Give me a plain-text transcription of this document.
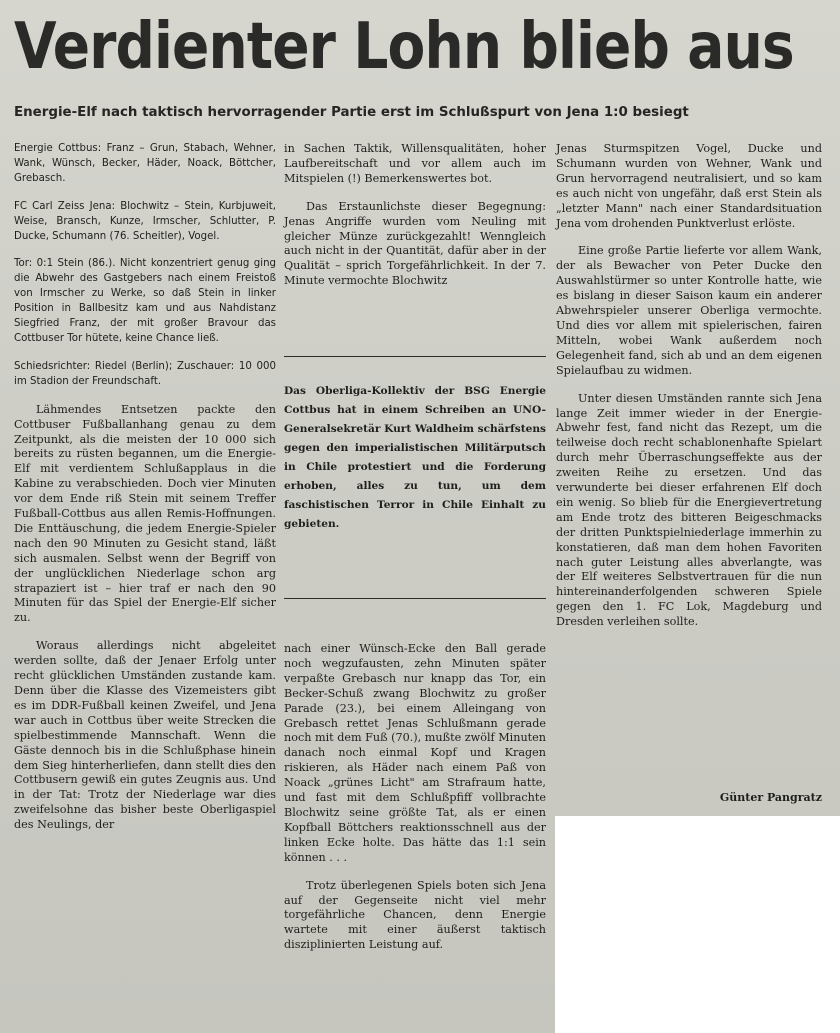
Verdienter Lohn blieb aus
Energie-Elf nach taktisch hervorragender Partie erst im Schlußspurt von Jena 1:0 besiegt

Energie Cottbus: Franz – Grun, Stabach, Wehner, Wank, Wünsch, Becker, Häder, Noack, Böttcher, Grebasch.

FC Carl Zeiss Jena: Blochwitz – Stein, Kurbjuweit, Weise, Bransch, Kunze, Irmscher, Schlutter, P. Ducke, Schumann (76. Scheitler), Vogel.

Tor: 0:1 Stein (86.). Nicht konzentriert genug ging die Abwehr des Gastgebers nach einem Freistoß von Irmscher zu Werke, so daß Stein in linker Position in Ballbesitz kam und aus Nahdistanz Siegfried Franz, der mit großer Bravour das Cottbuser Tor hütete, keine Chance ließ.

Schiedsrichter: Riedel (Berlin); Zuschauer: 10 000 im Stadion der Freundschaft.

Lähmendes Entsetzen packte den Cottbuser Fußballanhang genau zu dem Zeitpunkt, als die meisten der 10 000 sich bereits zu rüsten begannen, um die Energie-Elf mit verdientem Schlußapplaus in die Kabine zu verabschieden. Doch vier Minuten vor dem Ende riß Stein mit seinem Treffer Fußball-Cottbus aus allen Remis-Hoffnungen. Die Enttäuschung, die jedem Energie-Spieler nach den 90 Minuten zu Gesicht stand, läßt sich ausmalen. Selbst wenn der Begriff von der unglücklichen Niederlage schon arg strapaziert ist – hier traf er nach den 90 Minuten für das Spiel der Energie-Elf sicher zu.

Woraus allerdings nicht abgeleitet werden sollte, daß der Jenaer Erfolg unter recht glücklichen Umständen zustande kam. Denn über die Klasse des Vizemeisters gibt es im DDR-Fußball keinen Zweifel, und Jena war auch in Cottbus über weite Strecken die spielbestimmende Mannschaft. Wenn die Gäste dennoch bis in die Schlußphase hinein dem Sieg hinterherliefen, dann stellt dies den Cottbusern gewiß ein gutes Zeugnis aus. Und in der Tat: Trotz der Niederlage war dies zweifelsohne das bisher beste Oberligaspiel des Neulings, der

in Sachen Taktik, Willensqualitäten, hoher Laufbereitschaft und vor allem auch im Mitspielen (!) Bemerkenswertes bot.

Das Erstaunlichste dieser Begegnung: Jenas Angriffe wurden vom Neuling mit gleicher Münze zurückgezahlt! Wenngleich auch nicht in der Quantität, dafür aber in der Qualität – sprich Torgefährlichkeit. In der 7. Minute vermochte Blochwitz

Das Oberliga-Kollektiv der BSG Energie Cottbus hat in einem Schreiben an UNO-Generalsekretär Kurt Waldheim schärfstens gegen den imperialistischen Militärputsch in Chile protestiert und die Forderung erhoben, alles zu tun, um dem faschistischen Terror in Chile Einhalt zu gebieten.

nach einer Wünsch-Ecke den Ball gerade noch wegzufausten, zehn Minuten später verpaßte Grebasch nur knapp das Tor, ein Becker-Schuß zwang Blochwitz zu großer Parade (23.), bei einem Alleingang von Grebasch rettet Jenas Schlußmann gerade noch mit dem Fuß (70.), mußte zwölf Minuten danach noch einmal Kopf und Kragen riskieren, als Häder nach einem Paß von Noack „grünes Licht" am Strafraum hatte, und fast mit dem Schlußpfiff vollbrachte Blochwitz seine größte Tat, als er einen Kopfball Böttchers reaktionsschnell aus der linken Ecke holte. Das hätte das 1:1 sein können . . .

Trotz überlegenen Spiels boten sich Jena auf der Gegenseite nicht viel mehr torgefährliche Chancen, denn Energie wartete mit einer äußerst taktisch disziplinierten Leistung auf.

Jenas Sturmspitzen Vogel, Ducke und Schumann wurden von Wehner, Wank und Grun hervorragend neutralisiert, und so kam es auch nicht von ungefähr, daß erst Stein als „letzter Mann" nach einer Standardsituation Jena vom drohenden Punktverlust erlöste.

Eine große Partie lieferte vor allem Wank, der als Bewacher von Peter Ducke den Auswahlstürmer so unter Kontrolle hatte, wie es bislang in dieser Saison kaum ein anderer Abwehrspieler unserer Oberliga vermochte. Und dies vor allem mit spielerischen, fairen Mitteln, wobei Wank außerdem noch Gelegenheit fand, sich ab und an dem eigenen Spielaufbau zu widmen.

Unter diesen Umständen rannte sich Jena lange Zeit immer wieder in der Energie-Abwehr fest, fand nicht das Rezept, um die teilweise doch recht schablonenhafte Spielart durch mehr Überraschungseffekte aus der zweiten Reihe zu ersetzen. Und das verwunderte bei dieser erfahrenen Elf doch ein wenig. So blieb für die Energievertretung am Ende trotz des bitteren Beigeschmacks der dritten Punktspielniederlage immerhin zu konstatieren, daß man dem hohen Favoriten nach guter Leistung alles abverlangte, was der Elf weiteres Selbstvertrauen für die nun hintereinanderfolgenden schweren Spiele gegen den 1. FC Lok, Magdeburg und Dresden verleihen sollte.

Günter Pangratz
